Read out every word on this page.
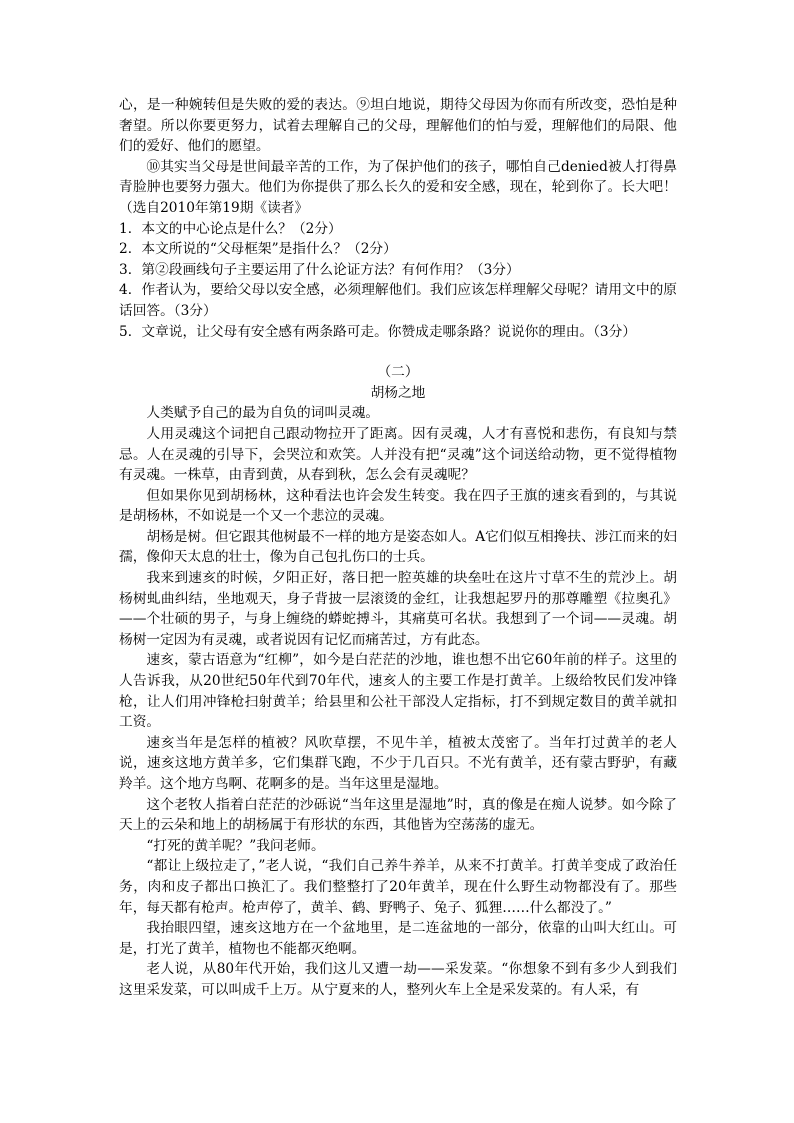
心，是一种婉转但是失败的爱的表达。⑨坦白地说，期待父母因为你而有所改变，恐怕是种奢望。所以你要更努力，试着去理解自己的父母，理解他们的怕与爱，理解他们的局限、他们的爱好、他们的愿望。

⑩其实当父母是世间最辛苦的工作，为了保护他们的孩子，哪怕自己denied被人打得鼻青脸肿也要努力强大。他们为你提供了那么长久的爱和安全感，现在，轮到你了。长大吧！（选自2010年第19期《读者》

1．本文的中心论点是什么？（2分）

2．本文所说的“父母框架”是指什么？（2分）

3．第②段画线句子主要运用了什么论证方法？有何作用？（3分）

4．作者认为，要给父母以安全感，必须理解他们。我们应该怎样理解父母呢？请用文中的原话回答。（3分）

5．文章说，让父母有安全感有两条路可走。你赞成走哪条路？说说你的理由。（3分）

（二）

胡杨之地

人类赋予自己的最为自负的词叫灵魂。

人用灵魂这个词把自己跟动物拉开了距离。因有灵魂，人才有喜悦和悲伤，有良知与禁忌。人在灵魂的引导下，会哭泣和欢笑。人并没有把“灵魂”这个词送给动物，更不觉得植物有灵魂。一株草，由青到黄，从春到秋，怎么会有灵魂呢？

但如果你见到胡杨林，这种看法也许会发生转变。我在四子王旗的速亥看到的，与其说是胡杨林，不如说是一个又一个悲泣的灵魂。

胡杨是树。但它跟其他树最不一样的地方是姿态如人。A它们似互相搀扶、涉江而来的妇孺，像仰天太息的壮士，像为自己包扎伤口的士兵。

我来到速亥的时候，夕阳正好，落日把一腔英雄的块垒吐在这片寸草不生的荒沙上。胡杨树虬曲纠结，坐地观天，身子背披一层滚烫的金红，让我想起罗丹的那尊雕塑《拉奥孔》——个壮硕的男子，与身上缠绕的蟒蛇搏斗，其痛莫可名状。我想到了一个词——灵魂。胡杨树一定因为有灵魂，或者说因有记忆而痛苦过，方有此态。

速亥，蒙古语意为“红柳”，如今是白茫茫的沙地，谁也想不出它60年前的样子。这里的人告诉我，从20世纪50年代到70年代，速亥人的主要工作是打黄羊。上级给牧民们发冲锋枪，让人们用冲锋枪扫射黄羊；给县里和公社干部没人定指标，打不到规定数目的黄羊就扣工资。

速亥当年是怎样的植被？风吹草摆，不见牛羊，植被太茂密了。当年打过黄羊的老人说，速亥这地方黄羊多，它们集群飞跑，不少于几百只。不光有黄羊，还有蒙古野驴，有藏羚羊。这个地方鸟啊、花啊多的是。当年这里是湿地。

这个老牧人指着白茫茫的沙砾说“当年这里是湿地”时，真的像是在痴人说梦。如今除了天上的云朵和地上的胡杨属于有形状的东西，其他皆为空荡荡的虚无。

“打死的黄羊呢？”我问老师。

“都让上级拉走了，”老人说，“我们自己养牛养羊，从来不打黄羊。打黄羊变成了政治任务，肉和皮子都出口换汇了。我们整整打了20年黄羊，现在什么野生动物都没有了。那些年，每天都有枪声。枪声停了，黄羊、鹤、野鸭子、兔子、狐狸……什么都没了。”

我抬眼四望，速亥这地方在一个盆地里，是二连盆地的一部分，依靠的山叫大红山。可是，打光了黄羊，植物也不能都灭绝啊。

老人说，从80年代开始，我们这儿又遭一劫——采发菜。“你想象不到有多少人到我们这里采发菜，可以叫成千上万。从宁夏来的人，整列火车上全是采发菜的。有人采，有
